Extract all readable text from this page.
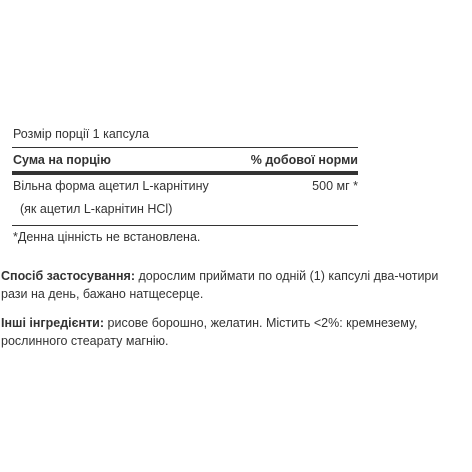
Розмір порції 1 капсула
Сума на порцію	% добової норми
Вільна форма ацетил L-карнітину	500 мг *
(як ацетил L-карнітин HCl)
*Денна цінність не встановлена.
Спосіб застосування: дорослим приймати по одній (1) капсулі два-чотири рази на день, бажано натщесерце.
Інші інгредієнти: рисове борошно, желатин. Містить <2%: кремнезему, рослинного стеарату магнію.
